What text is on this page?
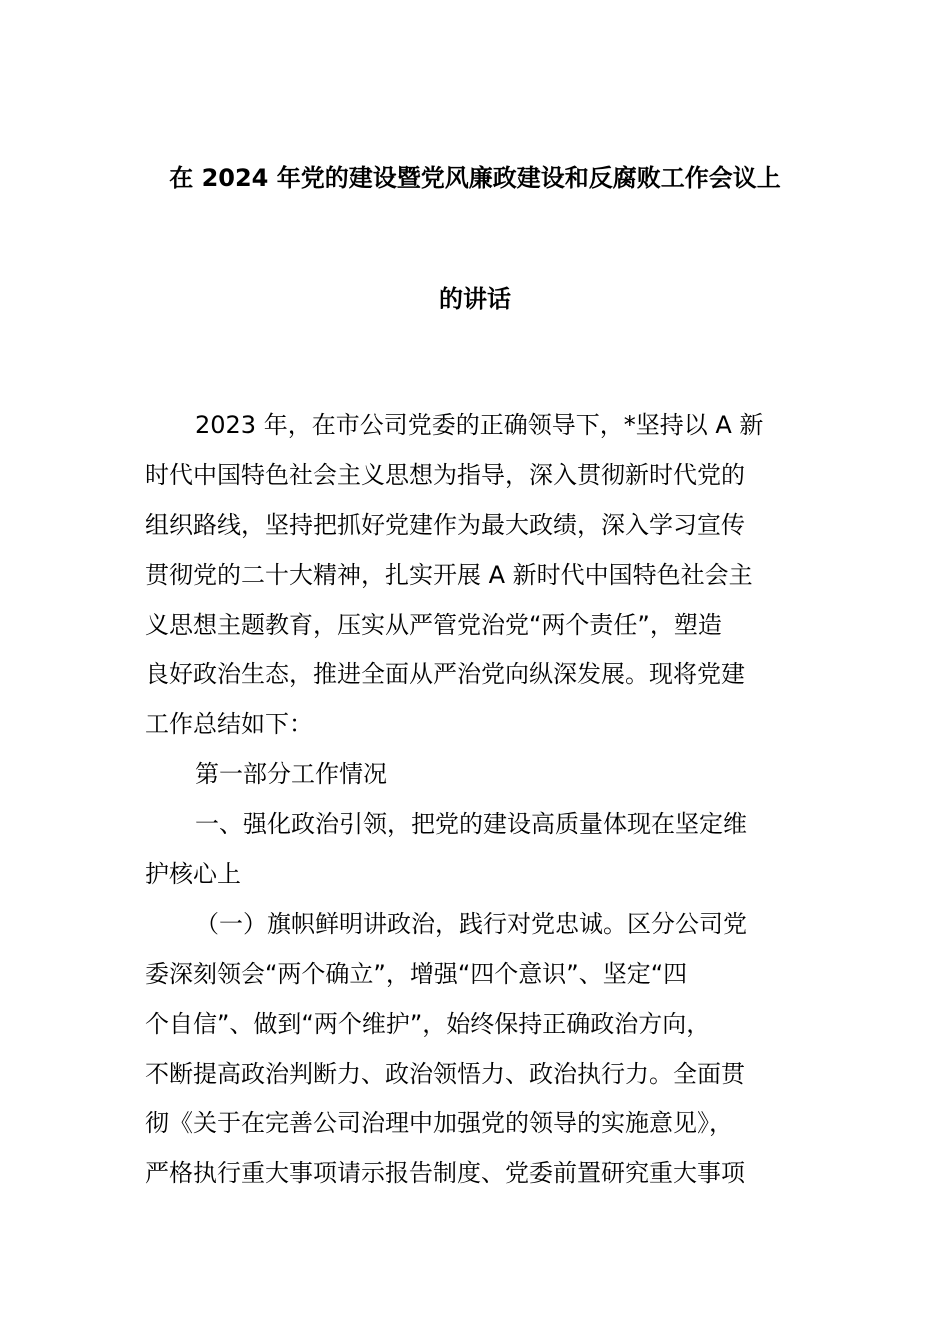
在 2024 年党的建设暨党风廉政建设和反腐败工作会议上
的讲话
2023 年，在市公司党委的正确领导下，*坚持以 A 新
时代中国特色社会主义思想为指导，深入贯彻新时代党的
组织路线，坚持把抓好党建作为最大政绩，深入学习宣传
贯彻党的二十大精神，扎实开展 A 新时代中国特色社会主
义思想主题教育，压实从严管党治党“两个责任”，塑造
良好政治生态，推进全面从严治党向纵深发展。现将党建
工作总结如下：
第一部分工作情况
一、强化政治引领，把党的建设高质量体现在坚定维
护核心上
（一）旗帜鲜明讲政治，践行对党忠诚。区分公司党
委深刻领会“两个确立”，增强“四个意识”、坚定“四
个自信”、做到“两个维护”，始终保持正确政治方向，
不断提高政治判断力、政治领悟力、政治执行力。全面贯
彻《关于在完善公司治理中加强党的领导的实施意见》，
严格执行重大事项请示报告制度、党委前置研究重大事项
